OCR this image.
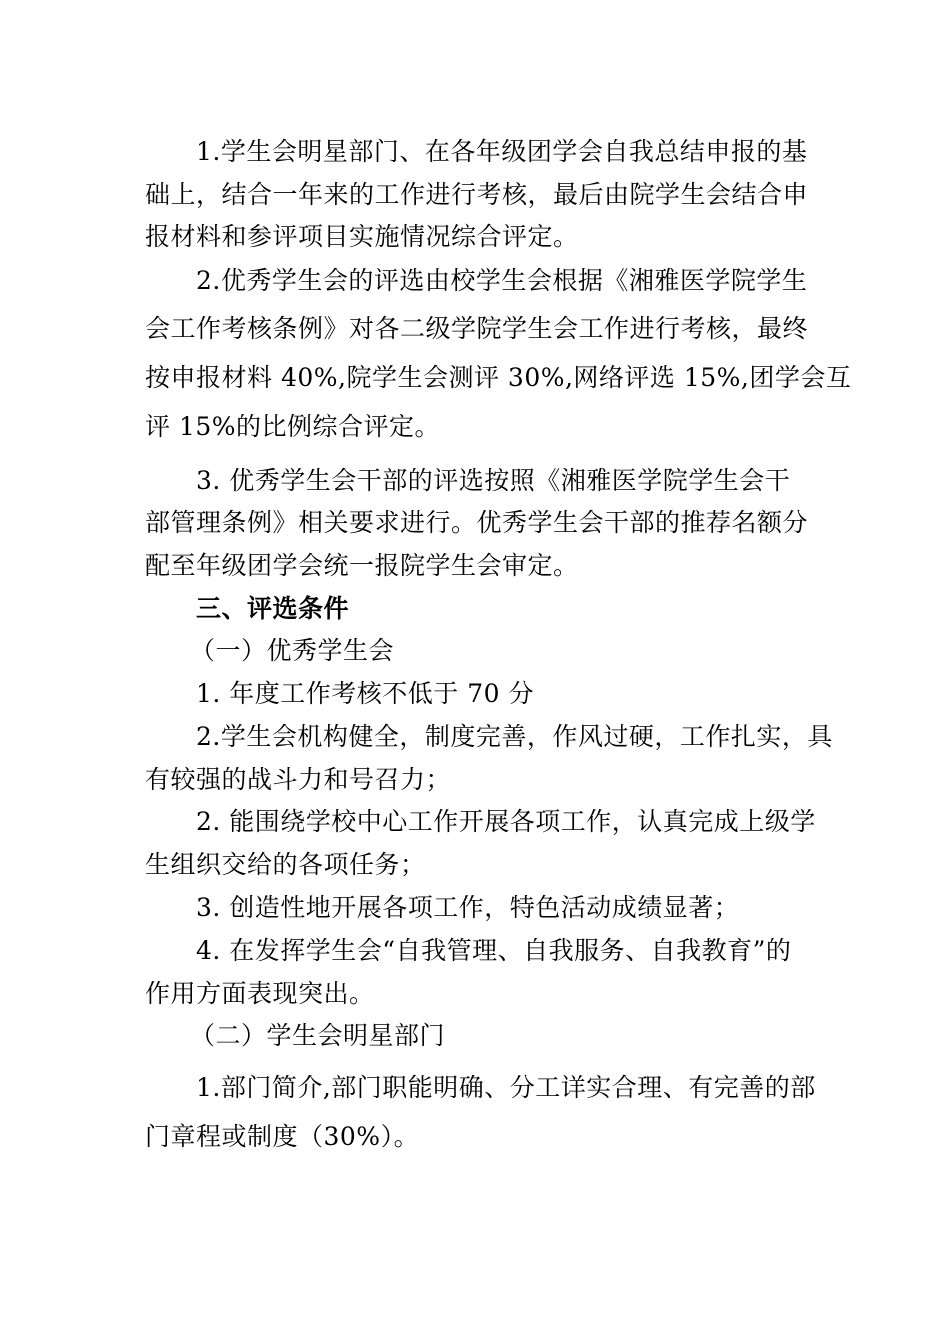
1.学生会明星部门、在各年级团学会自我总结申报的基
础上，结合一年来的工作进行考核，最后由院学生会结合申
报材料和参评项目实施情况综合评定。
2.优秀学生会的评选由校学生会根据《湘雅医学院学生
会工作考核条例》对各二级学院学生会工作进行考核，最终
按申报材料 40%,院学生会测评 30%,网络评选 15%,团学会互
评 15%的比例综合评定。
3. 优秀学生会干部的评选按照《湘雅医学院学生会干
部管理条例》相关要求进行。优秀学生会干部的推荐名额分
配至年级团学会统一报院学生会审定。
三、评选条件
（一）优秀学生会
1. 年度工作考核不低于 70 分
2.学生会机构健全，制度完善，作风过硬，工作扎实，具
有较强的战斗力和号召力；
2. 能围绕学校中心工作开展各项工作，认真完成上级学
生组织交给的各项任务；
3. 创造性地开展各项工作，特色活动成绩显著；
4. 在发挥学生会“自我管理、自我服务、自我教育”的
作用方面表现突出。
（二）学生会明星部门
1.部门简介,部门职能明确、分工详实合理、有完善的部
门章程或制度（30%）。
